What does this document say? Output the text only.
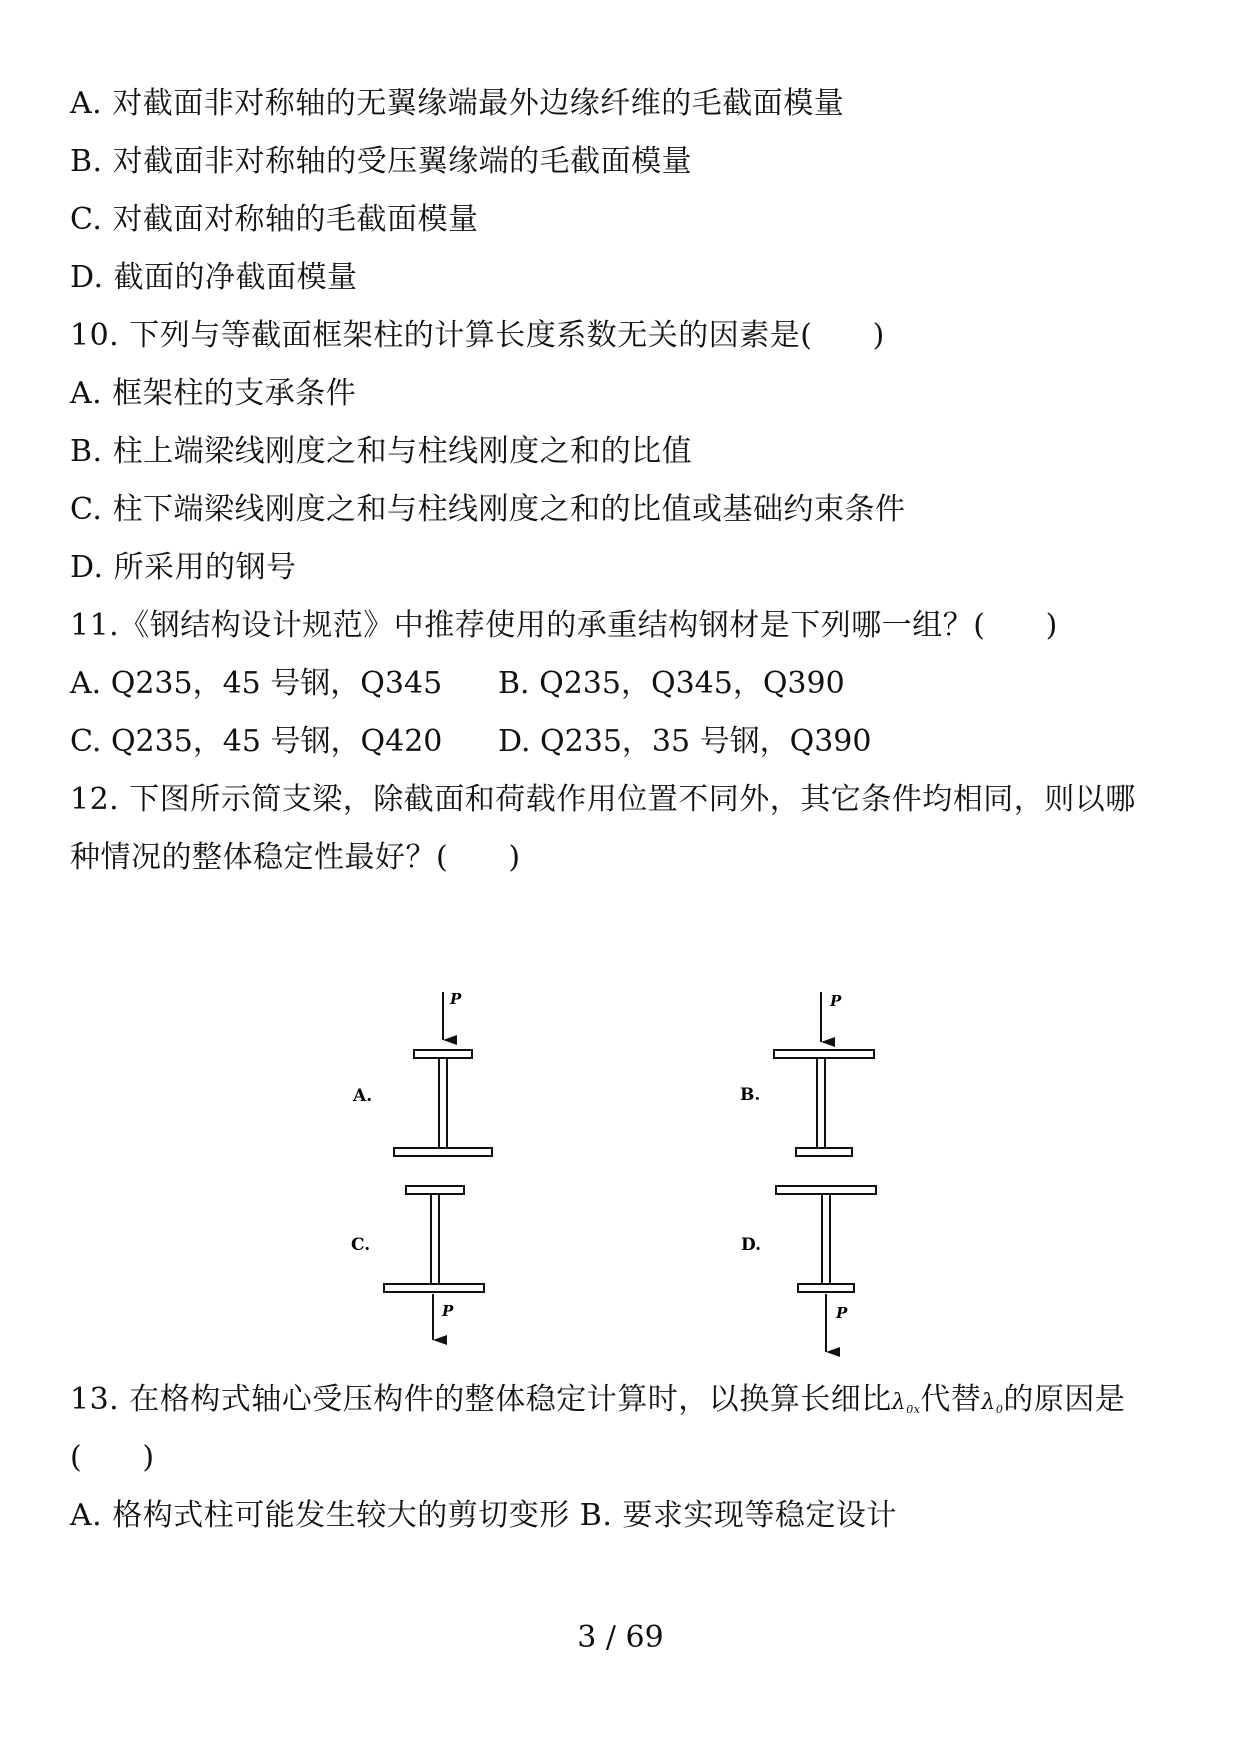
A. 对截面非对称轴的无翼缘端最外边缘纤维的毛截面模量
B. 对截面非对称轴的受压翼缘端的毛截面模量
C. 对截面对称轴的毛截面模量
D. 截面的净截面模量
10. 下列与等截面框架柱的计算长度系数无关的因素是(      )
A. 框架柱的支承条件
B. 柱上端梁线刚度之和与柱线刚度之和的比值
C. 柱下端梁线刚度之和与柱线刚度之和的比值或基础约束条件
D. 所采用的钢号
11.《钢结构设计规范》中推荐使用的承重结构钢材是下列哪一组？(      )
A. Q235，45 号钢，Q345 B. Q235，Q345，Q390
C. Q235，45 号钢，Q420 D. Q235，35 号钢，Q390
12. 下图所示简支梁，除截面和荷载作用位置不同外，其它条件均相同，则以哪
种情况的整体稳定性最好？(      )
A.	B.
C.	D.
P	P
P	P
13. 在格构式轴心受压构件的整体稳定计算时，以换算长细比$\lambda_{0x}$代替$\lambda_0$的原因是
(      )
A. 格构式柱可能发生较大的剪切变形 B. 要求实现等稳定设计
3 / 69
